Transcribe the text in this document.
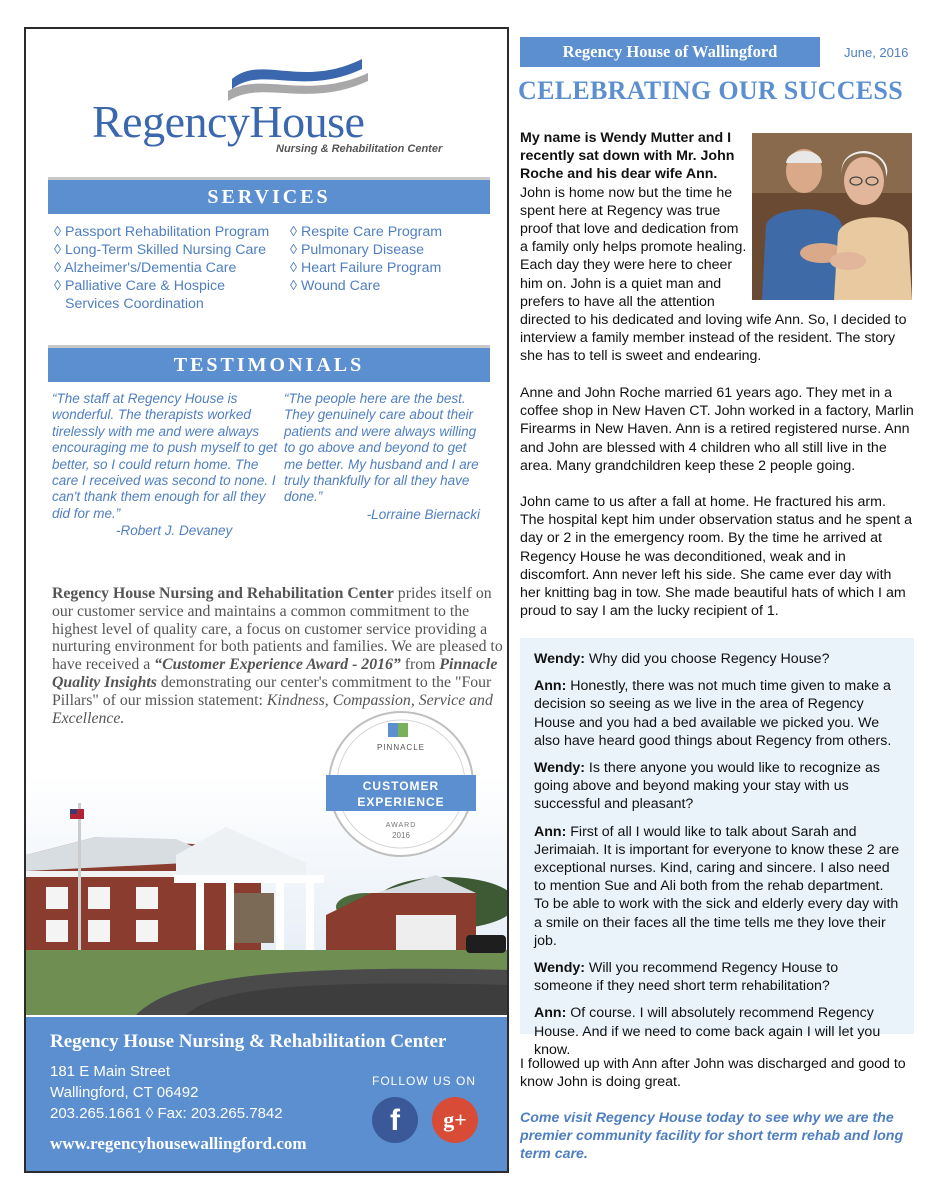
RegencyHouse
Nursing & Rehabilitation Center
SERVICES
◊ Passport Rehabilitation Program
◊ Long-Term Skilled Nursing Care
◊ Alzheimer's/Dementia Care
◊ Palliative Care & Hospice
Services Coordination
◊ Respite Care Program
◊ Pulmonary Disease
◊ Heart Failure Program
◊ Wound Care
TESTIMONIALS
“The staff at Regency House is wonderful. The therapists worked tirelessly with me and were always encouraging me to push myself to get better, so I could return home. The care I received was second to none. I can't thank them enough for all they did for me.”
-Robert J. Devaney
“The people here are the best. They genuinely care about their patients and were always willing to go above and beyond to get me better. My husband and I are truly thankfully for all they have done.”
-Lorraine Biernacki
Regency House Nursing and Rehabilitation Center prides itself on our customer service and maintains a common commitment to the highest level of quality care, a focus on customer service providing a nurturing environment for both patients and families. We are pleased to have received a “Customer Experience Award - 2016” from Pinnacle Quality Insights demonstrating our center's commitment to the "Four Pillars" of our mission statement: Kindness, Compassion, Service and Excellence.
PINNACLE
CUSTOMER
EXPERIENCE
AWARD
2016
Regency House Nursing & Rehabilitation Center
181 E Main Street
Wallingford, CT 06492
203.265.1661 ◊ Fax: 203.265.7842
www.regencyhousewallingford.com
FOLLOW US ON
f	g+
Regency House of Wallingford	June, 2016
CELEBRATING OUR SUCCESS
My name is Wendy Mutter and I recently sat down with Mr. John Roche and his dear wife Ann. John is home now but the time he spent here at Regency was true proof that love and dedication from a family only helps promote healing. Each day they were here to cheer him on. John is a quiet man and prefers to have all the attention
directed to his dedicated and loving wife Ann. So, I decided to interview a family member instead of the resident. The story she has to tell is sweet and endearing.
Anne and John Roche married 61 years ago. They met in a coffee shop in New Haven CT. John worked in a factory, Marlin Firearms in New Haven. Ann is a retired registered nurse. Ann and John are blessed with 4 children who all still live in the area. Many grandchildren keep these 2 people going.
John came to us after a fall at home. He fractured his arm. The hospital kept him under observation status and he spent a day or 2 in the emergency room. By the time he arrived at Regency House he was deconditioned, weak and in discomfort. Ann never left his side. She came ever day with her knitting bag in tow. She made beautiful hats of which I am proud to say I am the lucky recipient of 1.
Wendy: Why did you choose Regency House?
Ann: Honestly, there was not much time given to make a decision so seeing as we live in the area of Regency House and you had a bed available we picked you. We also have heard good things about Regency from others.
Wendy: Is there anyone you would like to recognize as going above and beyond making your stay with us successful and pleasant?
Ann: First of all I would like to talk about Sarah and Jerimaiah. It is important for everyone to know these 2 are exceptional nurses. Kind, caring and sincere. I also need to mention Sue and Ali both from the rehab department. To be able to work with the sick and elderly every day with a smile on their faces all the time tells me they love their job.
Wendy: Will you recommend Regency House to someone if they need short term rehabilitation?
Ann: Of course. I will absolutely recommend Regency House. And if we need to come back again I will let you know.
I followed up with Ann after John was discharged and good to know John is doing great.
Come visit Regency House today to see why we are the premier community facility for short term rehab and long term care.
